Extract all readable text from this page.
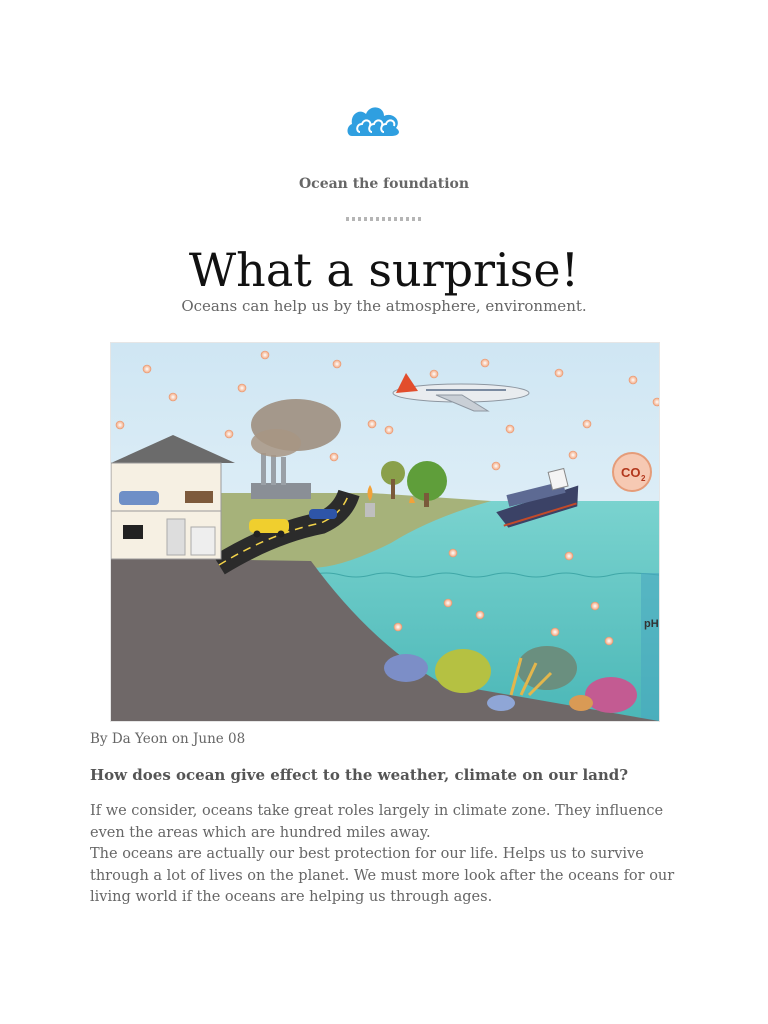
Ocean the foundation
What a surprise!
Oceans can help us by the atmosphere, environment.
CO 2
pH
By Da Yeon on June 08
How does ocean give effect to the weather, climate on our land?

If we consider, oceans take great roles largely in climate zone. They influence even the areas which are hundred miles away.

The oceans are actually our best protection for our life. Helps us to survive through a lot of lives on the planet. We must more look after the oceans for our living world if the oceans are helping us through ages.
